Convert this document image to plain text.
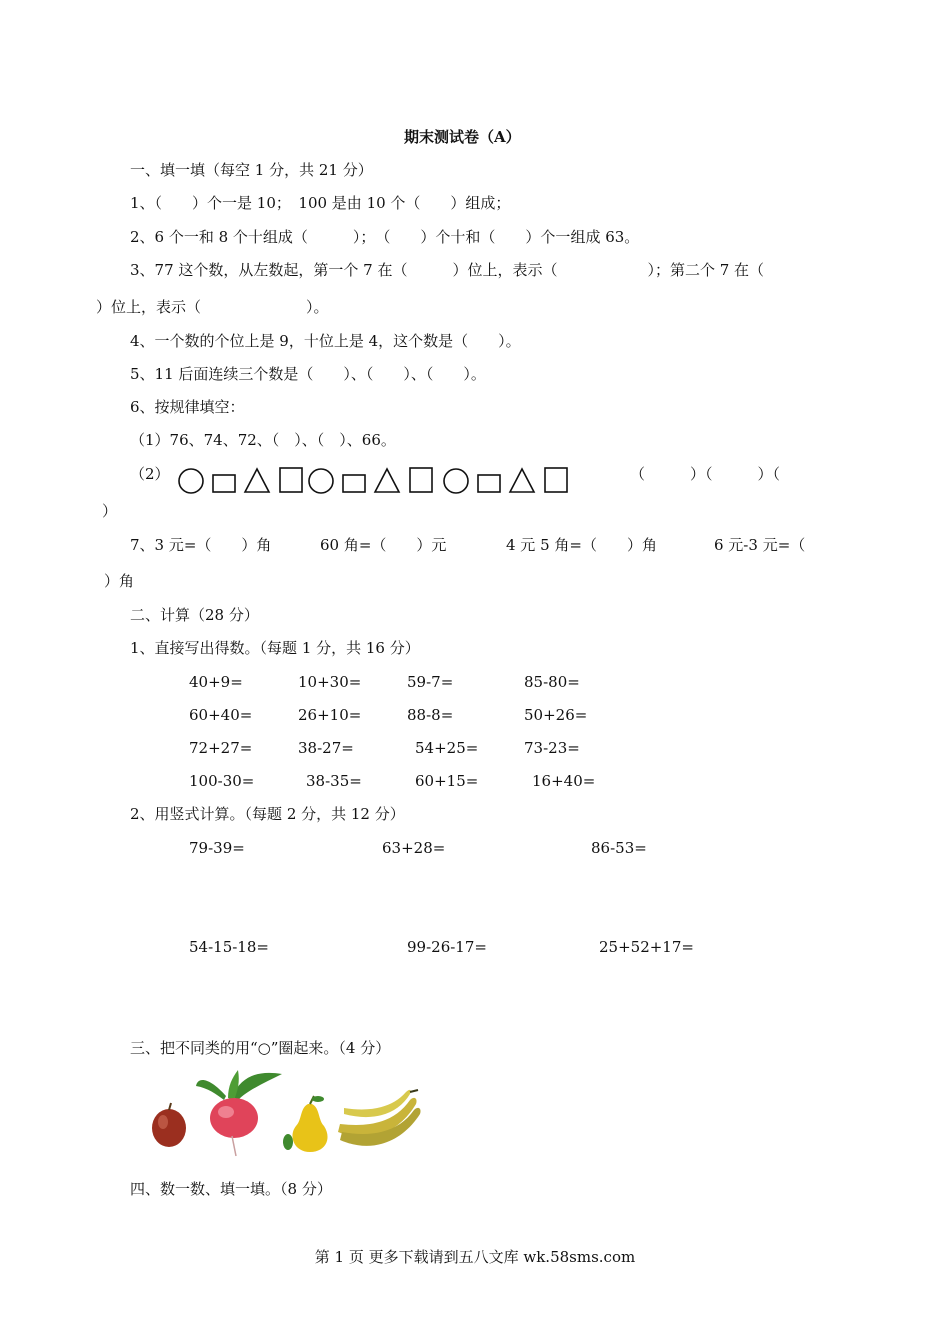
期末测试卷（A）
一、填一填（每空 1 分，共 21 分）
1、（　　）个一是 10；　100 是由 10 个（　　）组成；
2、6 个一和 8 个十组成（　　　）；　（　　）个十和（　　）个一组成 63。
3、77 这个数，从左数起，第一个 7 在（　　　）位上，表示（　　　　　　）；第二个 7 在（
）位上，表示（　　　　　　　）。
4、一个数的个位上是 9，十位上是 4，这个数是（　　）。
5、11 后面连续三个数是（　　）、（　　）、（　　）。
6、按规律填空：
（1）76、74、72、（　）、（　）、66。
（2）	（　　　）（　　　）（
）
7、3 元=（　　）角	60 角=（　　）元	4 元 5 角=（　　）角	6 元-3 元=（
）角
二、计算（28 分）
1、直接写出得数。（每题 1 分，共 16 分）
40+9=	10+30=	59-7=	85-80=
60+40=	26+10=	88-8=	50+26=
72+27=	38-27=	54+25=	73-23=
100-30=	38-35=	60+15=	16+40=
2、用竖式计算。（每题 2 分，共 12 分）
79-39=	63+28=	86-53=
54-15-18=	99-26-17=	25+52+17=
三、把不同类的用“○”圈起来。（4 分）
四、数一数、填一填。（8 分）
第 1 页 更多下载请到五八文库 wk.58sms.com
